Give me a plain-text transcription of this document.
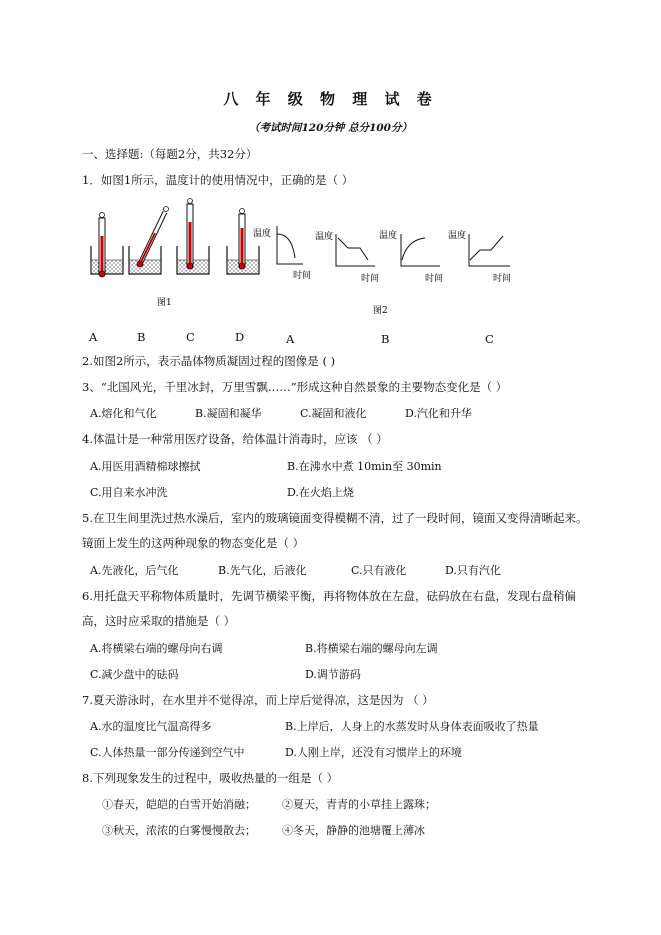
八 年 级 物 理 试 卷
（考试时间120分钟 总分100分）
一、选择题:（每题2分，共32分）
1．如图1所示，温度计的使用情况中，正确的是（ ）
温度
时间
温度
时间
温度
时间
温度
时间
图1
图2
A	B	C	D	A	B	C
2.如图2所示，表示晶体物质凝固过程的图像是 ( )
3、“北国风光，千里冰封，万里雪飘……”形成这种自然景象的主要物态变化是（ ）
A.熔化和气化	B.凝固和凝华	C.凝固和液化	D.汽化和升华
4.体温计是一种常用医疗设备，给体温计消毒时，应该 （ ）
A.用医用酒精棉球擦拭	B.在沸水中煮 10min至 30min
C.用自来水冲洗	D.在火焰上烧
5.在卫生间里洗过热水澡后，室内的玻璃镜面变得模糊不清，过了一段时间，镜面又变得清晰起来。
镜面上发生的这两种现象的物态变化是（ ）
A.先液化，后气化	B.先气化，后液化	C.只有液化	D.只有汽化
6.用托盘天平称物体质量时，先调节横梁平衡，再将物体放在左盘，砝码放在右盘，发现右盘稍偏
高，这时应采取的措施是（ ）
A.将横梁右端的螺母向右调	B.将横梁右端的螺母向左调
C.减少盘中的砝码	D.调节游码
7.夏天游泳时，在水里并不觉得凉，而上岸后觉得凉，这是因为 （ ）
A.水的温度比气温高得多	B.上岸后，人身上的水蒸发时从身体表面吸收了热量
C.人体热量一部分传递到空气中	D.人刚上岸，还没有习惯岸上的环境
8.下列现象发生的过程中，吸收热量的一组是（ ）
①春天，皑皑的白雪开始消融； ②夏天，青青的小草挂上露珠；
③秋天，浓浓的白雾慢慢散去； ④冬天，静静的池塘覆上薄冰
